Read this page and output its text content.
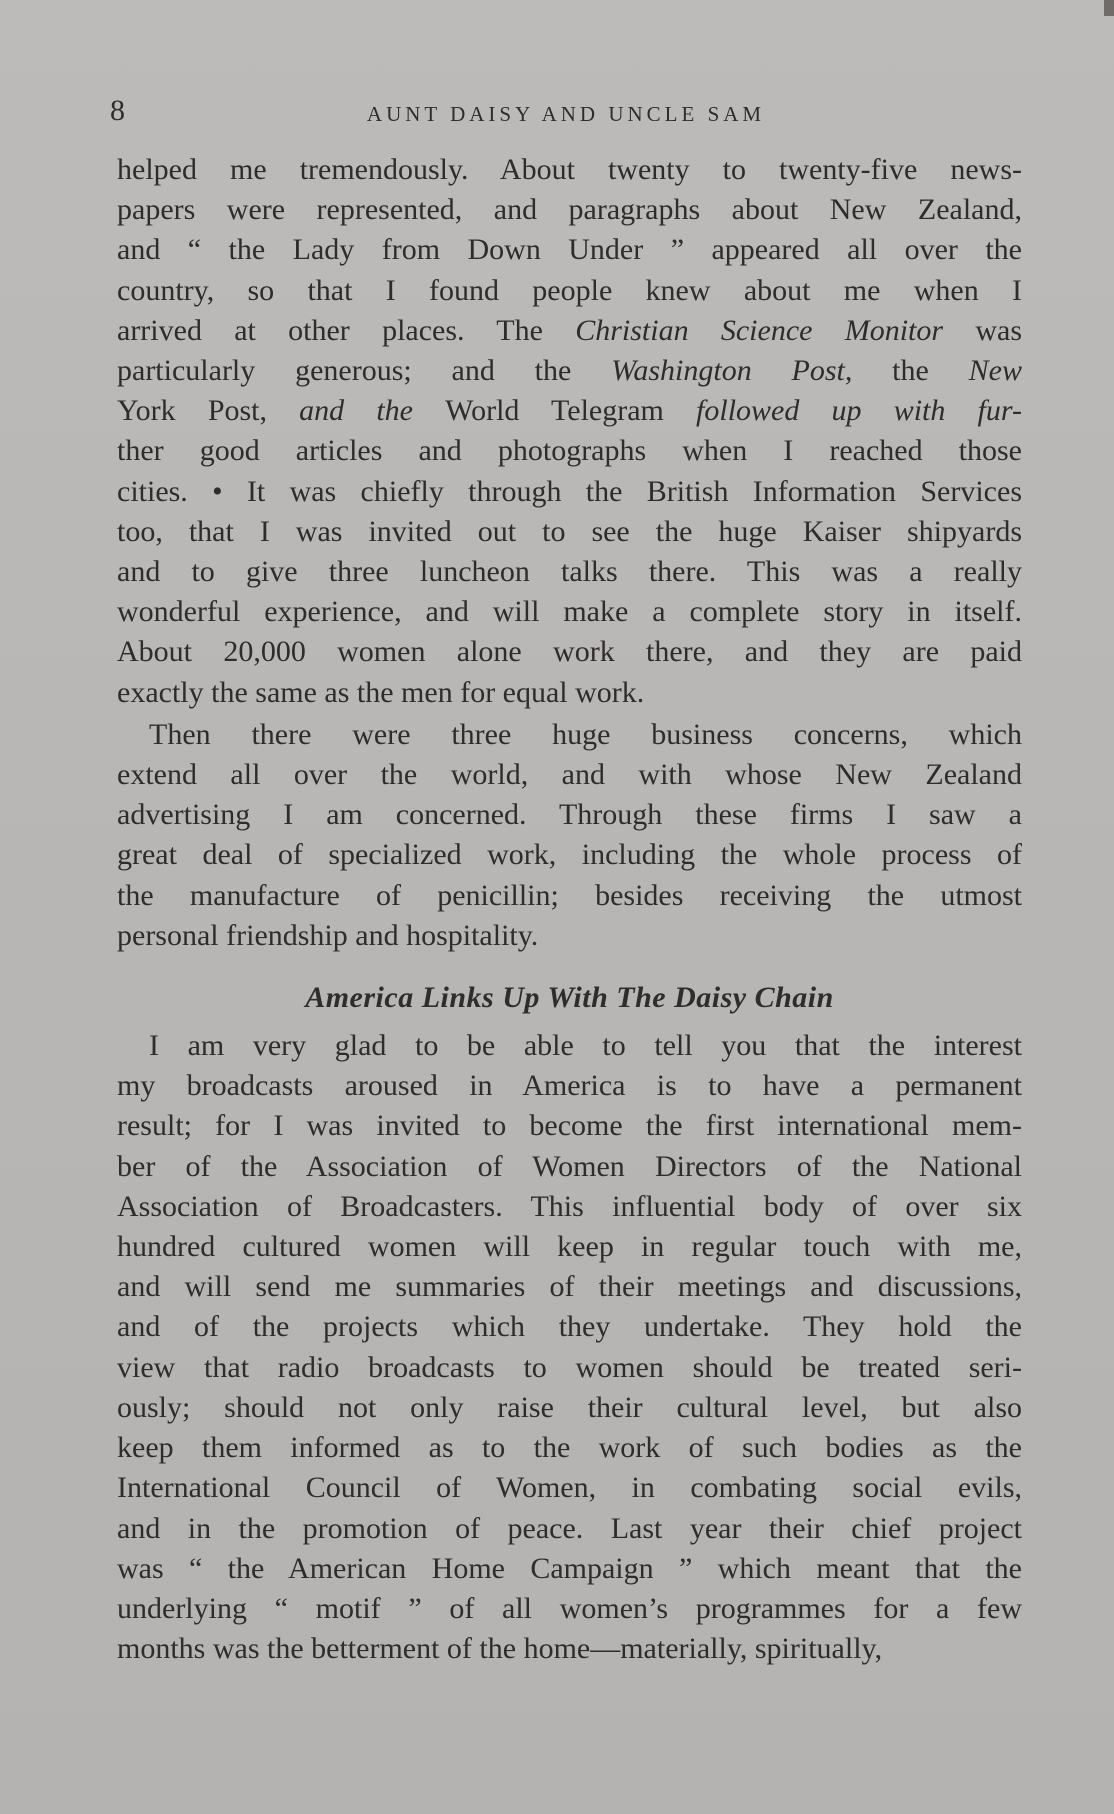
8	AUNT DAISY AND UNCLE SAM
helped me tremendously. About twenty to twenty-five news-
papers were represented, and paragraphs about New Zealand,
and “ the Lady from Down Under ” appeared all over the
country, so that I found people knew about me when I
arrived at other places. The Christian Science Monitor was
particularly generous; and the Washington Post, the New
York Post, and the World Telegram followed up with fur-
ther good articles and photographs when I reached those
cities. • It was chiefly through the British Information Services
too, that I was invited out to see the huge Kaiser shipyards
and to give three luncheon talks there. This was a really
wonderful experience, and will make a complete story in itself.
About 20,000 women alone work there, and they are paid
exactly the same as the men for equal work.
Then there were three huge business concerns, which
extend all over the world, and with whose New Zealand
advertising I am concerned. Through these firms I saw a
great deal of specialized work, including the whole process of
the manufacture of penicillin; besides receiving the utmost
personal friendship and hospitality.
America Links Up With The Daisy Chain
I am very glad to be able to tell you that the interest
my broadcasts aroused in America is to have a permanent
result; for I was invited to become the first international mem-
ber of the Association of Women Directors of the National
Association of Broadcasters. This influential body of over six
hundred cultured women will keep in regular touch with me,
and will send me summaries of their meetings and discussions,
and of the projects which they undertake. They hold the
view that radio broadcasts to women should be treated seri-
ously; should not only raise their cultural level, but also
keep them informed as to the work of such bodies as the
International Council of Women, in combating social evils,
and in the promotion of peace. Last year their chief project
was “ the American Home Campaign ” which meant that the
underlying “ motif ” of all women’s programmes for a few
months was the betterment of the home—materially, spiritually,
